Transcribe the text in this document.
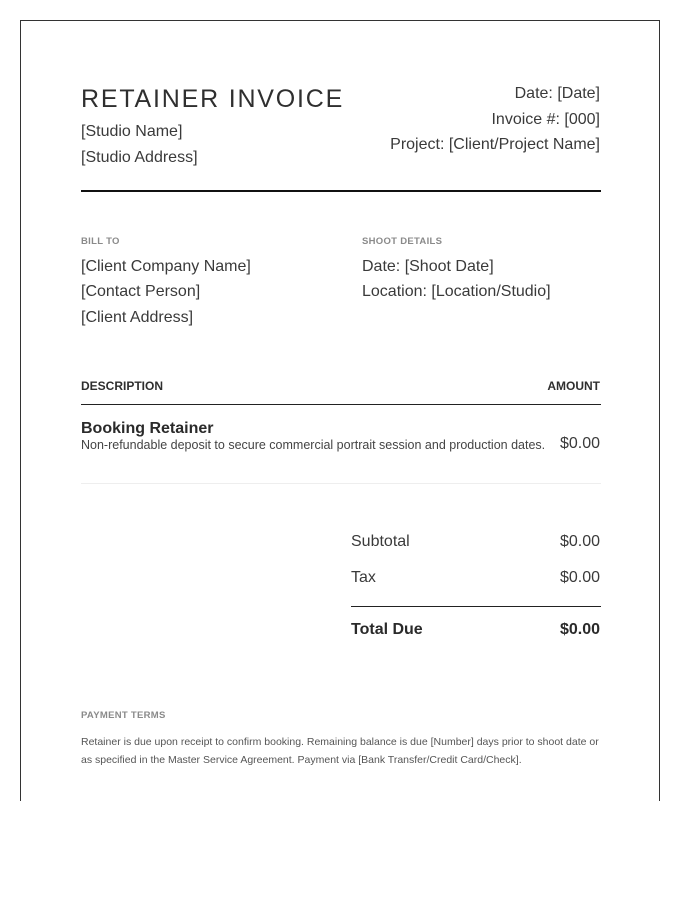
RETAINER INVOICE
[Studio Name]
[Studio Address]
Date: [Date]
Invoice #: [000]
Project: [Client/Project Name]
BILL TO
[Client Company Name]
[Contact Person]
[Client Address]
SHOOT DETAILS
Date: [Shoot Date]
Location: [Location/Studio]
DESCRIPTION	AMOUNT
Booking Retainer
Non-refundable deposit to secure commercial portrait session and production dates. $0.00
Subtotal	$0.00
Tax	$0.00
Total Due	$0.00
PAYMENT TERMS
Retainer is due upon receipt to confirm booking. Remaining balance is due [Number] days prior to shoot date or as specified in the Master Service Agreement. Payment via [Bank Transfer/Credit Card/Check].
